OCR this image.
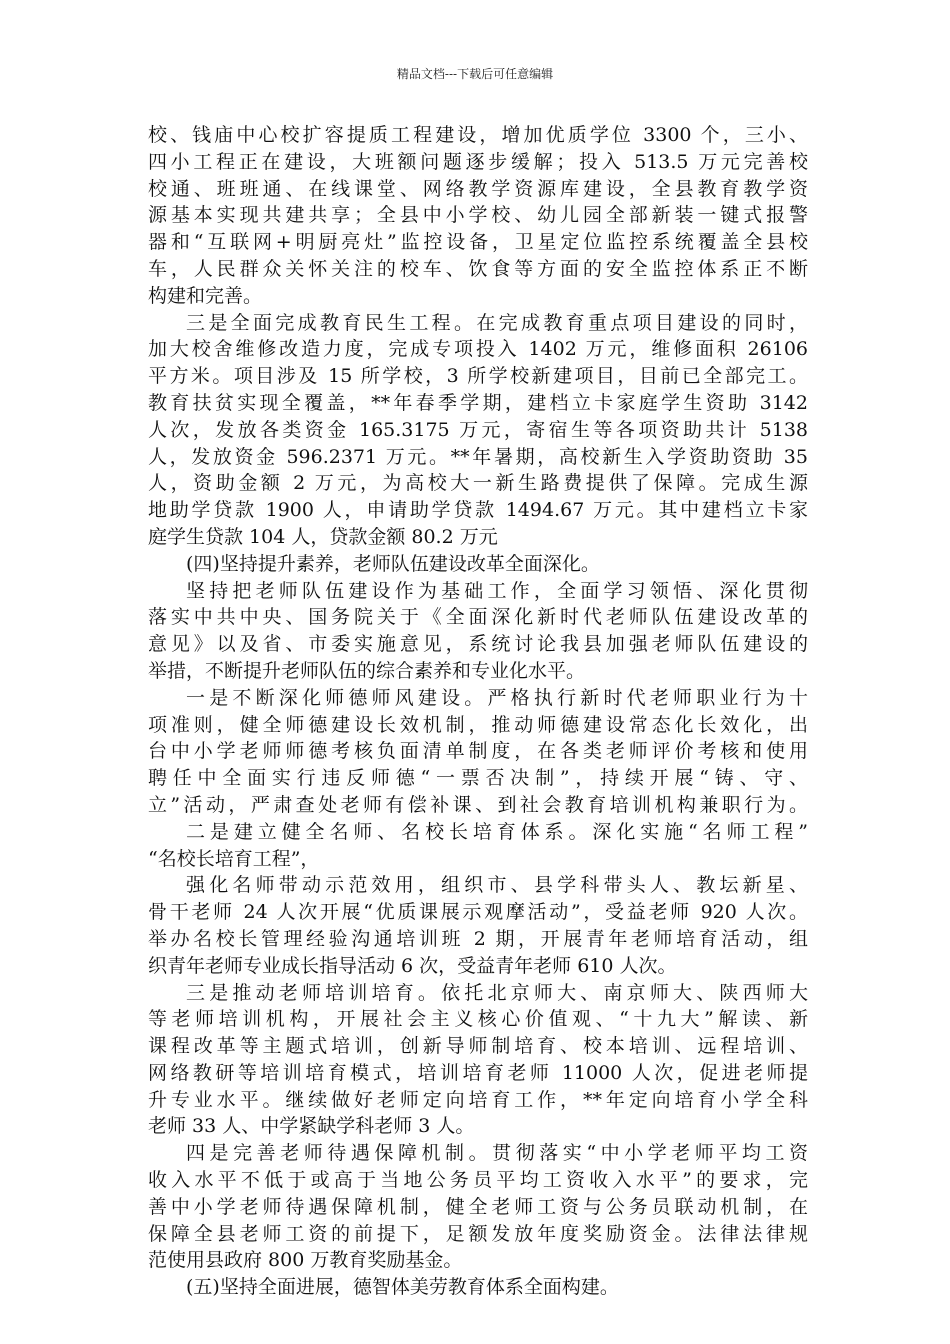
精品文档---下载后可任意编辑
校、钱庙中心校扩容提质工程建设，增加优质学位 3300 个，三小、
四小工程正在建设，大班额问题逐步缓解；投入 513.5 万元完善校
校通、班班通、在线课堂、网络教学资源库建设，全县教育教学资
源基本实现共建共享；全县中小学校、幼儿园全部新装一键式报警
器和“互联网+明厨亮灶”监控设备，卫星定位监控系统覆盖全县校
车，人民群众关怀关注的校车、饮食等方面的安全监控体系正不断
构建和完善。
三是全面完成教育民生工程。在完成教育重点项目建设的同时，
加大校舍维修改造力度，完成专项投入 1402 万元，维修面积 26106
平方米。项目涉及 15 所学校，3 所学校新建项目，目前已全部完工。
教育扶贫实现全覆盖，**年春季学期，建档立卡家庭学生资助 3142
人次，发放各类资金 165.3175 万元，寄宿生等各项资助共计 5138
人，发放资金 596.2371 万元。**年暑期，高校新生入学资助资助 35
人，资助金额 2 万元，为高校大一新生路费提供了保障。完成生源
地助学贷款 1900 人，申请助学贷款 1494.67 万元。其中建档立卡家
庭学生贷款 104 人，贷款金额 80.2 万元
(四)坚持提升素养，老师队伍建设改革全面深化。
坚持把老师队伍建设作为基础工作，全面学习领悟、深化贯彻
落实中共中央、国务院关于《全面深化新时代老师队伍建设改革的
意见》以及省、市委实施意见，系统讨论我县加强老师队伍建设的
举措，不断提升老师队伍的综合素养和专业化水平。
一是不断深化师德师风建设。严格执行新时代老师职业行为十
项准则，健全师德建设长效机制，推动师德建设常态化长效化，出
台中小学老师师德考核负面清单制度，在各类老师评价考核和使用
聘任中全面实行违反师德“一票否决制”，持续开展“铸、守、
立”活动，严肃查处老师有偿补课、到社会教育培训机构兼职行为。
二是建立健全名师、名校长培育体系。深化实施“名师工程”
“名校长培育工程”，
强化名师带动示范效用，组织市、县学科带头人、教坛新星、
骨干老师 24 人次开展“优质课展示观摩活动”，受益老师 920 人次。
举办名校长管理经验沟通培训班 2 期，开展青年老师培育活动，组
织青年老师专业成长指导活动 6 次，受益青年老师 610 人次。
三是推动老师培训培育。依托北京师大、南京师大、陕西师大
等老师培训机构，开展社会主义核心价值观、“十九大”解读、新
课程改革等主题式培训，创新导师制培育、校本培训、远程培训、
网络教研等培训培育模式，培训培育老师 11000 人次，促进老师提
升专业水平。继续做好老师定向培育工作，**年定向培育小学全科
老师 33 人、中学紧缺学科老师 3 人。
四是完善老师待遇保障机制。贯彻落实“中小学老师平均工资
收入水平不低于或高于当地公务员平均工资收入水平”的要求，完
善中小学老师待遇保障机制，健全老师工资与公务员联动机制，在
保障全县老师工资的前提下，足额发放年度奖励资金。法律法律规
范使用县政府 800 万教育奖励基金。
(五)坚持全面进展，德智体美劳教育体系全面构建。
